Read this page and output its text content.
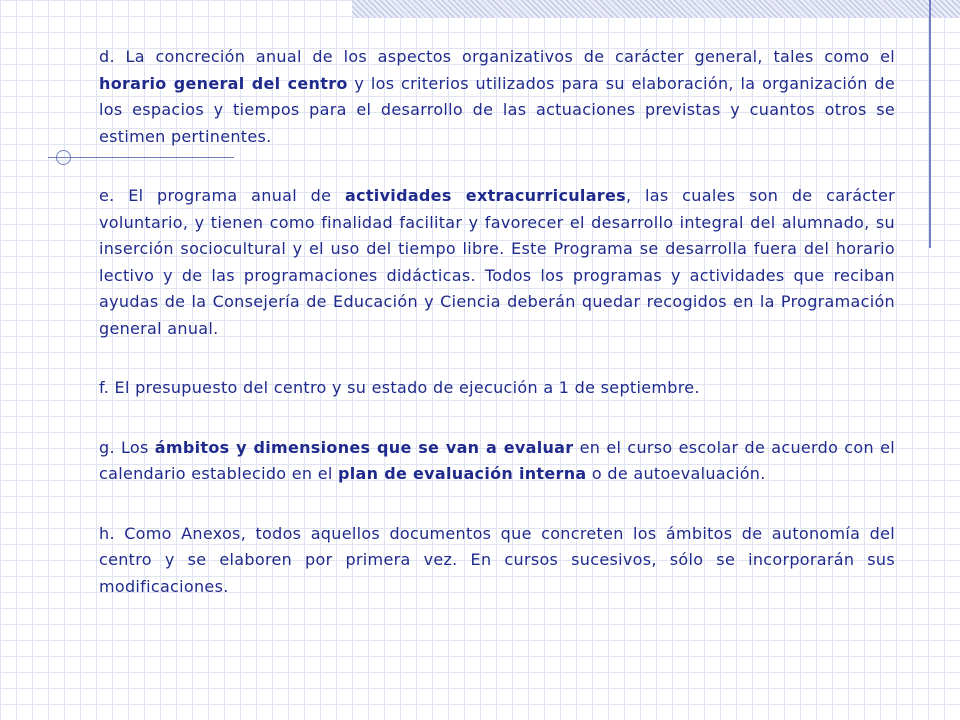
d. La concreción anual de los aspectos organizativos de carácter general, tales como el horario general del centro y los criterios utilizados para su elaboración, la organización de los espacios y tiempos para el desarrollo de las actuaciones previstas y cuantos otros se estimen pertinentes.

e. El programa anual de actividades extracurriculares, las cuales son de carácter voluntario, y tienen como finalidad facilitar y favorecer el desarrollo integral del alumnado, su inserción sociocultural y el uso del tiempo libre. Este Programa se desarrolla fuera del horario lectivo y de las programaciones didácticas. Todos los programas y actividades que reciban ayudas de la Consejería de Educación y Ciencia deberán quedar recogidos en la Programación general anual.

f. El presupuesto del centro y su estado de ejecución a 1 de septiembre.

g. Los ámbitos y dimensiones que se van a evaluar en el curso escolar de acuerdo con el calendario establecido en el plan de evaluación interna o de autoevaluación.

h. Como Anexos, todos aquellos documentos que concreten los ámbitos de autonomía del centro y se elaboren por primera vez. En cursos sucesivos, sólo se incorporarán sus modificaciones.
